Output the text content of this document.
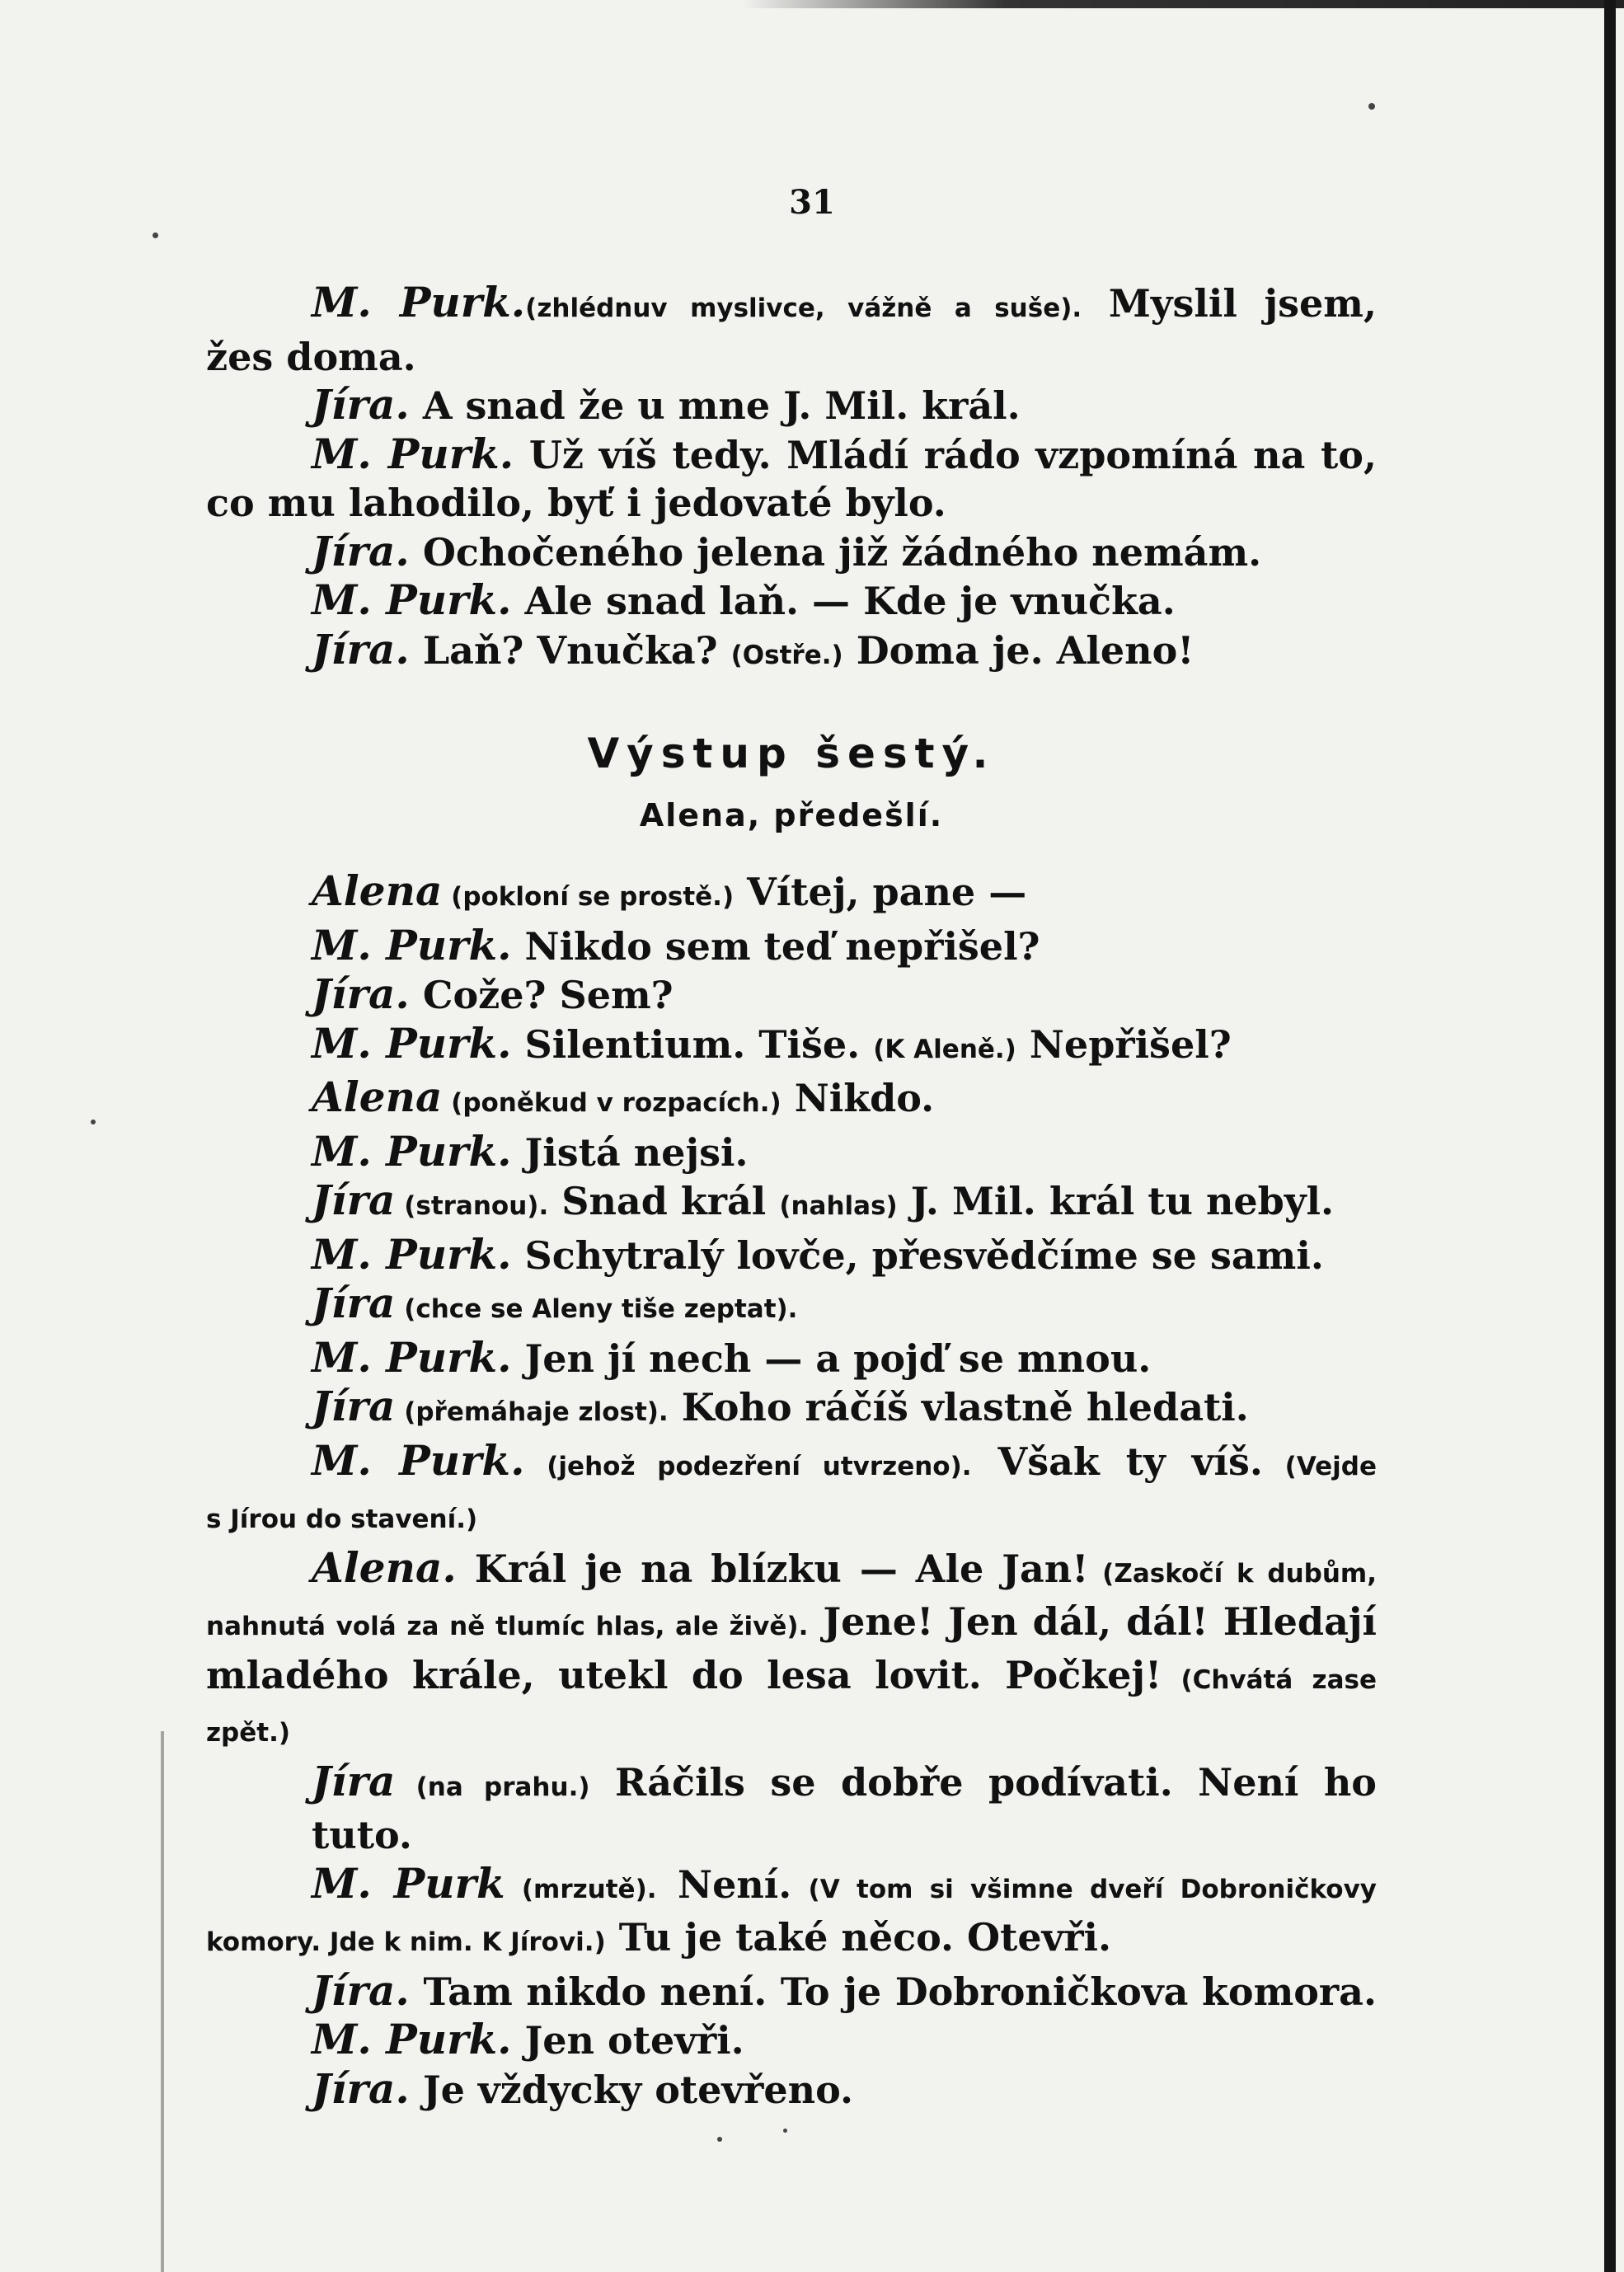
31
M. Purk.(zhlédnuv myslivce, vážně a suše). Myslil jsem,
žes doma.
Jíra. A snad že u mne J. Mil. král.
M. Purk. Už víš tedy. Mládí rádo vzpomíná na to,
co mu lahodilo, byť i jedovaté bylo.
Jíra. Ochočeného jelena již žádného nemám.
M. Purk. Ale snad laň. — Kde je vnučka.
Jíra. Laň? Vnučka? (Ostře.) Doma je. Aleno!
Výstup šestý.
Alena, předešlí.
Alena (pokloní se prostě.) Vítej, pane —
M. Purk. Nikdo sem teď nepřišel?
Jíra. Cože? Sem?
M. Purk. Silentium. Tiše. (K Aleně.) Nepřišel?
Alena (poněkud v rozpacích.) Nikdo.
M. Purk. Jistá nejsi.
Jíra (stranou). Snad král (nahlas) J. Mil. král tu nebyl.
M. Purk. Schytralý lovče, přesvědčíme se sami.
Jíra (chce se Aleny tiše zeptat).
M. Purk. Jen jí nech — a pojď se mnou.
Jíra (přemáhaje zlost). Koho ráčíš vlastně hledati.
M. Purk. (jehož podezření utvrzeno). Však ty víš. (Vejde
s Jírou do stavení.)
Alena. Král je na blízku — Ale Jan! (Zaskočí k dubům,
nahnutá volá za ně tlumíc hlas, ale živě). Jene! Jen dál, dál! Hledají
mladého krále, utekl do lesa lovit. Počkej! (Chvátá zase zpět.)
Jíra (na prahu.) Ráčils se dobře podívati. Není ho tuto.
M. Purk (mrzutě). Není. (V tom si všimne dveří Dobroničkovy
komory. Jde k nim. K Jírovi.) Tu je také něco. Otevři.
Jíra. Tam nikdo není. To je Dobroničkova komora.
M. Purk. Jen otevři.
Jíra. Je vždycky otevřeno.
